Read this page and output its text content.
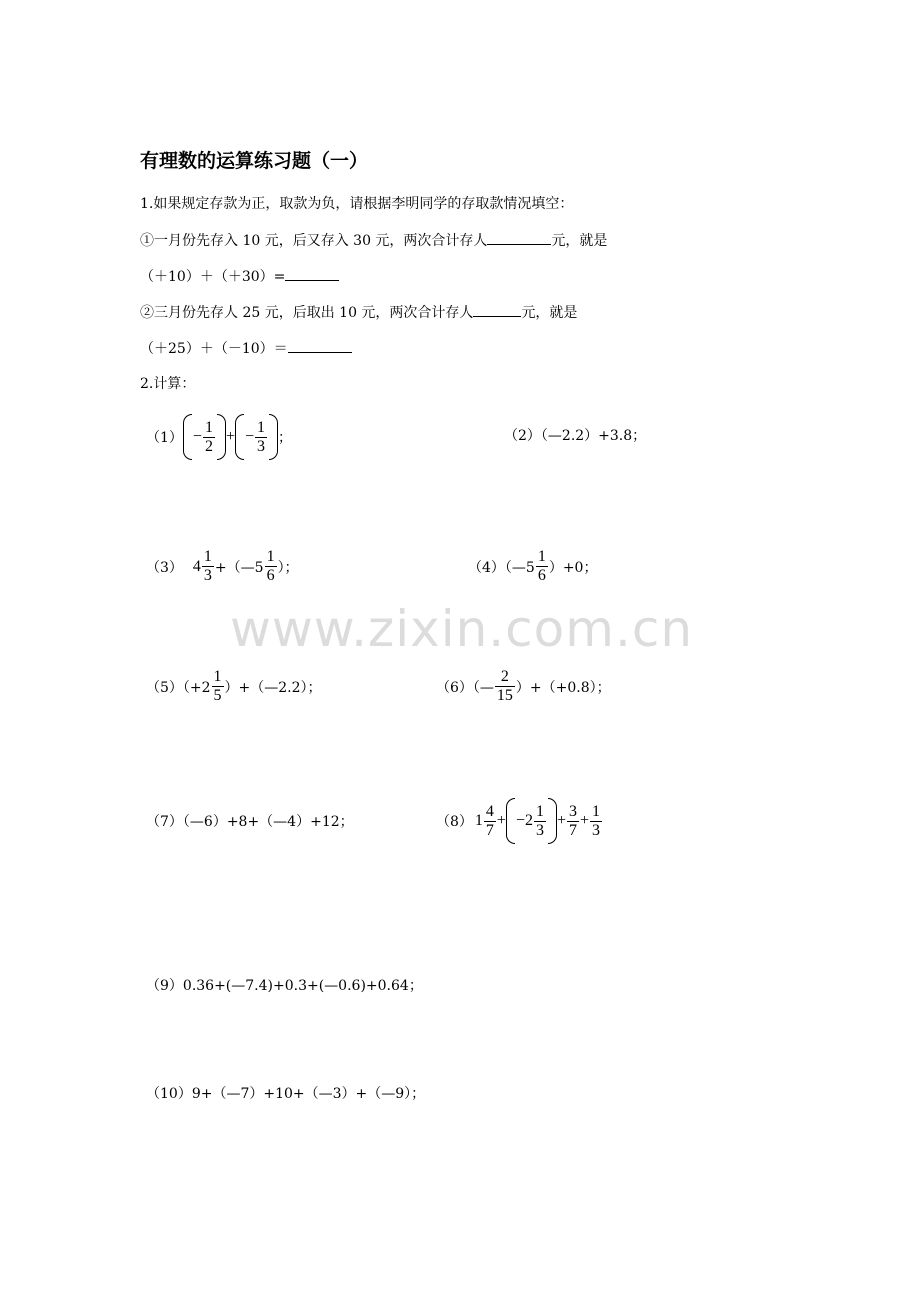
www.zixin.com.cn
有理数的运算练习题（一）
1.如果规定存款为正，取款为负，请根据李明同学的存取款情况填空：
①一月份先存入 10 元，后又存入 30 元，两次合计存人	元，就是
（＋10）＋（＋30）=
②三月份先存人 25 元，后取出 10 元，两次合计存人	元，就是
（＋25）＋（－10）＝
2.计算：
$(1) - \frac{1}{2}$ + − $\frac{1}{3}$ ；	（2）（—2.2）+3.8；
（3） $4 \frac{1}{3}$ +（—5 $\frac{1}{6}$ ）；	（4）（—5 $\frac{1}{6} )+0$；
$(5)(+2 \frac{1}{5}$ ）+（—2.2）；	（6）（— $\frac{2}{15} )+(+0.8)$；
（7）（—6）+8+（—4）+12；	（8） $1 \frac{4}{7} + -2 \frac{1}{3} + \frac{3}{7} + \frac{1}{3}$
（9）0.36+(—7.4)+0.3+(—0.6)+0.64；
（10）9+（—7）+10+（—3）+（—9）；
